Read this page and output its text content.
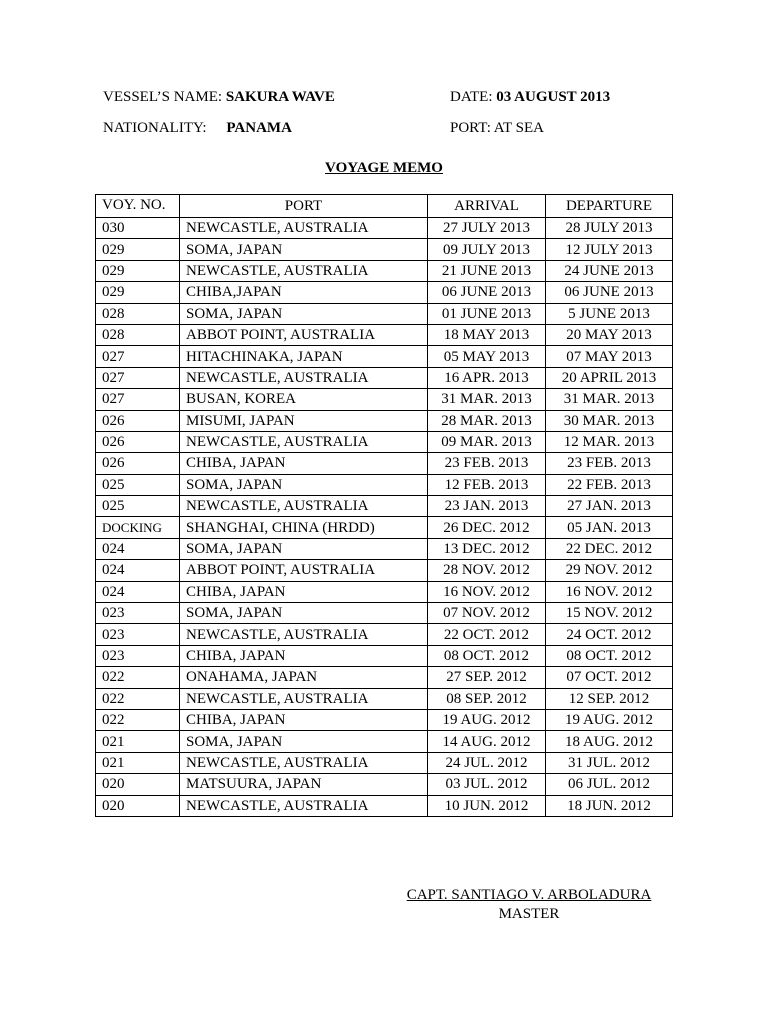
VESSEL’S NAME: SAKURA WAVE	DATE: 03 AUGUST 2013
NATIONALITY: PANAMA	PORT: AT SEA
VOYAGE MEMO
VOY. NO.	PORT	ARRIVAL	DEPARTURE
030	NEWCASTLE, AUSTRALIA	27 JULY 2013	28 JULY 2013
029	SOMA, JAPAN	09 JULY 2013	12 JULY 2013
029	NEWCASTLE, AUSTRALIA	21 JUNE 2013	24 JUNE 2013
029	CHIBA,JAPAN	06 JUNE 2013	06 JUNE 2013
028	SOMA, JAPAN	01 JUNE 2013	5 JUNE 2013
028	ABBOT POINT, AUSTRALIA	18 MAY 2013	20 MAY 2013
027	HITACHINAKA, JAPAN	05 MAY 2013	07 MAY 2013
027	NEWCASTLE, AUSTRALIA	16 APR. 2013	20 APRIL 2013
027	BUSAN, KOREA	31 MAR. 2013	31 MAR. 2013
026	MISUMI, JAPAN	28 MAR. 2013	30 MAR. 2013
026	NEWCASTLE, AUSTRALIA	09 MAR. 2013	12 MAR. 2013
026	CHIBA, JAPAN	23 FEB. 2013	23 FEB. 2013
025	SOMA, JAPAN	12 FEB. 2013	22 FEB. 2013
025	NEWCASTLE, AUSTRALIA	23 JAN. 2013	27 JAN. 2013
DOCKING	SHANGHAI, CHINA (HRDD)	26 DEC. 2012	05 JAN. 2013
024	SOMA, JAPAN	13 DEC. 2012	22 DEC. 2012
024	ABBOT POINT, AUSTRALIA	28 NOV. 2012	29 NOV. 2012
024	CHIBA, JAPAN	16 NOV. 2012	16 NOV. 2012
023	SOMA, JAPAN	07 NOV. 2012	15 NOV. 2012
023	NEWCASTLE, AUSTRALIA	22 OCT. 2012	24 OCT. 2012
023	CHIBA, JAPAN	08 OCT. 2012	08 OCT. 2012
022	ONAHAMA, JAPAN	27 SEP. 2012	07 OCT. 2012
022	NEWCASTLE, AUSTRALIA	08 SEP. 2012	12 SEP. 2012
022	CHIBA, JAPAN	19 AUG. 2012	19 AUG. 2012
021	SOMA, JAPAN	14 AUG. 2012	18 AUG. 2012
021	NEWCASTLE, AUSTRALIA	24 JUL. 2012	31 JUL. 2012
020	MATSUURA, JAPAN	03 JUL. 2012	06 JUL. 2012
020	NEWCASTLE, AUSTRALIA	10 JUN. 2012	18 JUN. 2012
CAPT. SANTIAGO V. ARBOLADURA
MASTER
